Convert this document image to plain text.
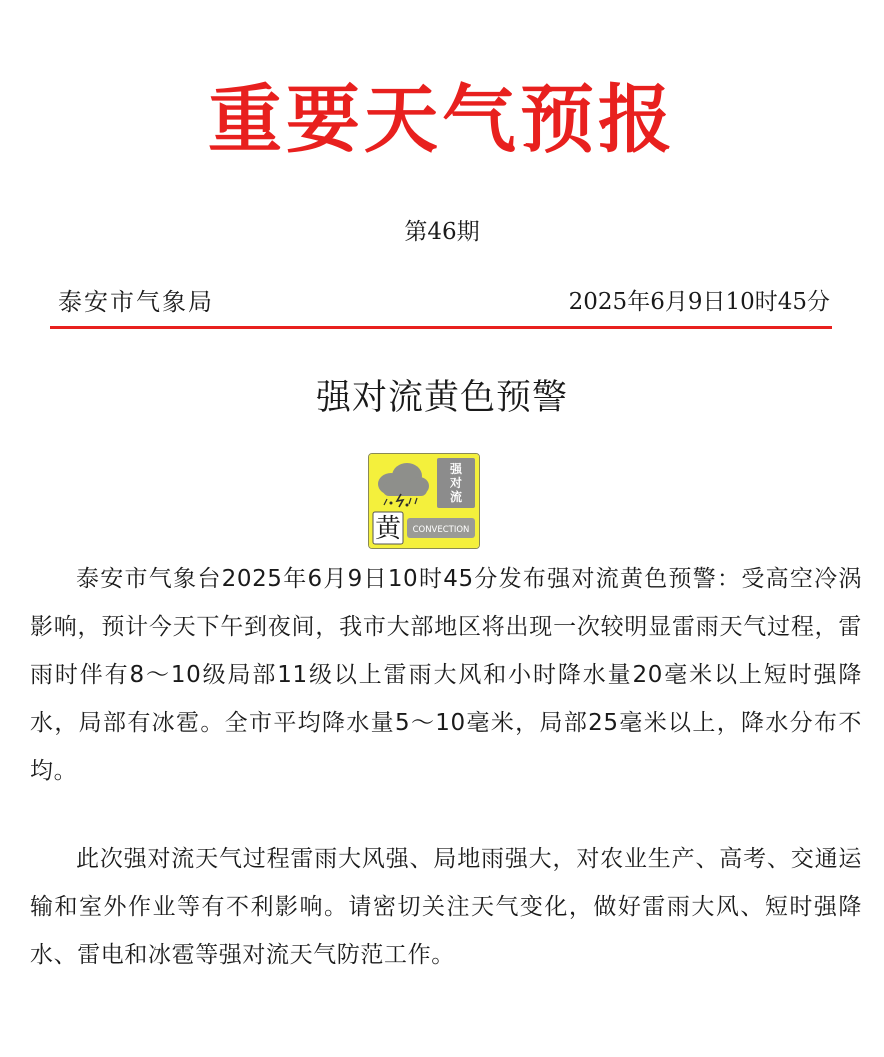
重要天气预报
第46期
泰安市气象局	2025年6月9日10时45分
强对流黄色预警
强对流
黄 CONVECTION

泰安市气象台2025年6月9日10时45分发布强对流黄色预警：受高空冷涡影响，预计今天下午到夜间，我市大部地区将出现一次较明显雷雨天气过程，雷雨时伴有8～10级局部11级以上雷雨大风和小时降水量20毫米以上短时强降水，局部有冰雹。全市平均降水量5～10毫米，局部25毫米以上，降水分布不均。

此次强对流天气过程雷雨大风强、局地雨强大，对农业生产、高考、交通运输和室外作业等有不利影响。请密切关注天气变化，做好雷雨大风、短时强降水、雷电和冰雹等强对流天气防范工作。
